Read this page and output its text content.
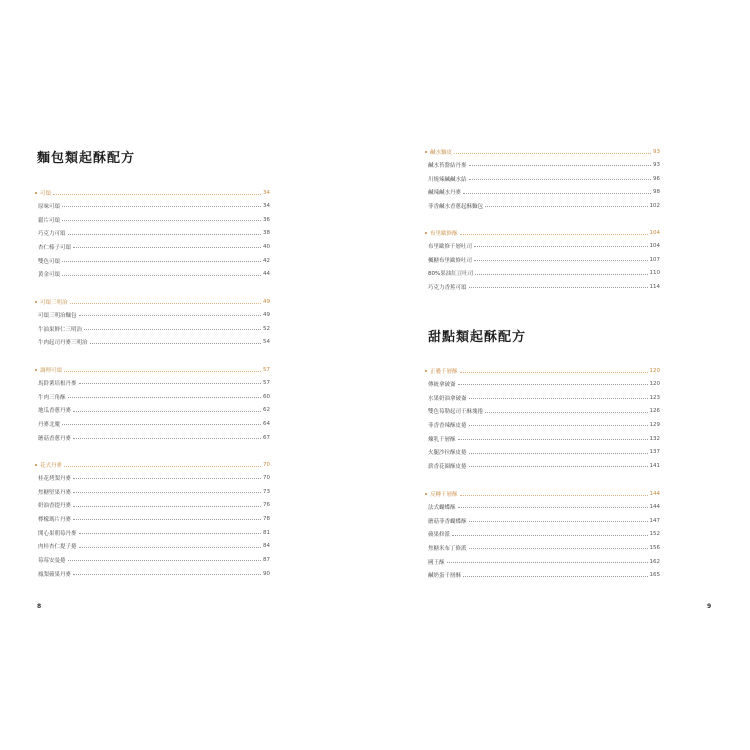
麵包類起酥配方
可頌	34
原味可頌	34
鬆片可頌	36
巧克力可頌	38
杏仁榛子可頌	40
雙色可頌	42
黃金可頌	44
可頌三明治	49
可頌三明治麵包	49
牛油果鮮仁三明治	52
牛肉起司丹麥三明治	54
調理可頌	57
馬鈴薯培根丹麥	57
牛肉三角酥	60
地瓜香蔥丹麥	62
丹麥北魔	64
蘑菇香蔥丹麥	67
花式丹麥	70
桂花烤梨丹麥	70
焦糖堅果丹麥	73
奶油香提丹麥	76
檸檬瑪片丹麥	78
開心果朝莓丹麥	81
肉桂杏仁提子捲	84
莓莓安曼捲	87
鳳梨蘋果丹麥	90
8
鹹水麵皮	93
鹹水苔盤結丹麥	93
川燒辣鹹鹹水結	96
鹹辣鹹水丹麥	98
菲香鹹水香蔥起酥麵包	102
布里歐修酥	104
布里歐修千層吐司	104
楓糖布里歐修吐司	107
80%果油紅豆吐司	110
巧克力香蕉可頌	114
甜點類起酥配方
正疊千層酥	120
傳統拿破崙	120
水果奶油拿破崙	123
雙色莓勒起司千酥塊捲	126
菲香香辣酥皮捲	129
煉乳千層酥	132
火腿沙拉酥皮捲	137
薪香花圈酥皮捲	141
反轉千層酥	144
法式蝴蝶酥	144
蘑菇菲香蝴蝶酥	147
蘋果修派	152
焦糖米布丁修派	156
國王酥	162
鹹奶蛋千層酥	165
9
